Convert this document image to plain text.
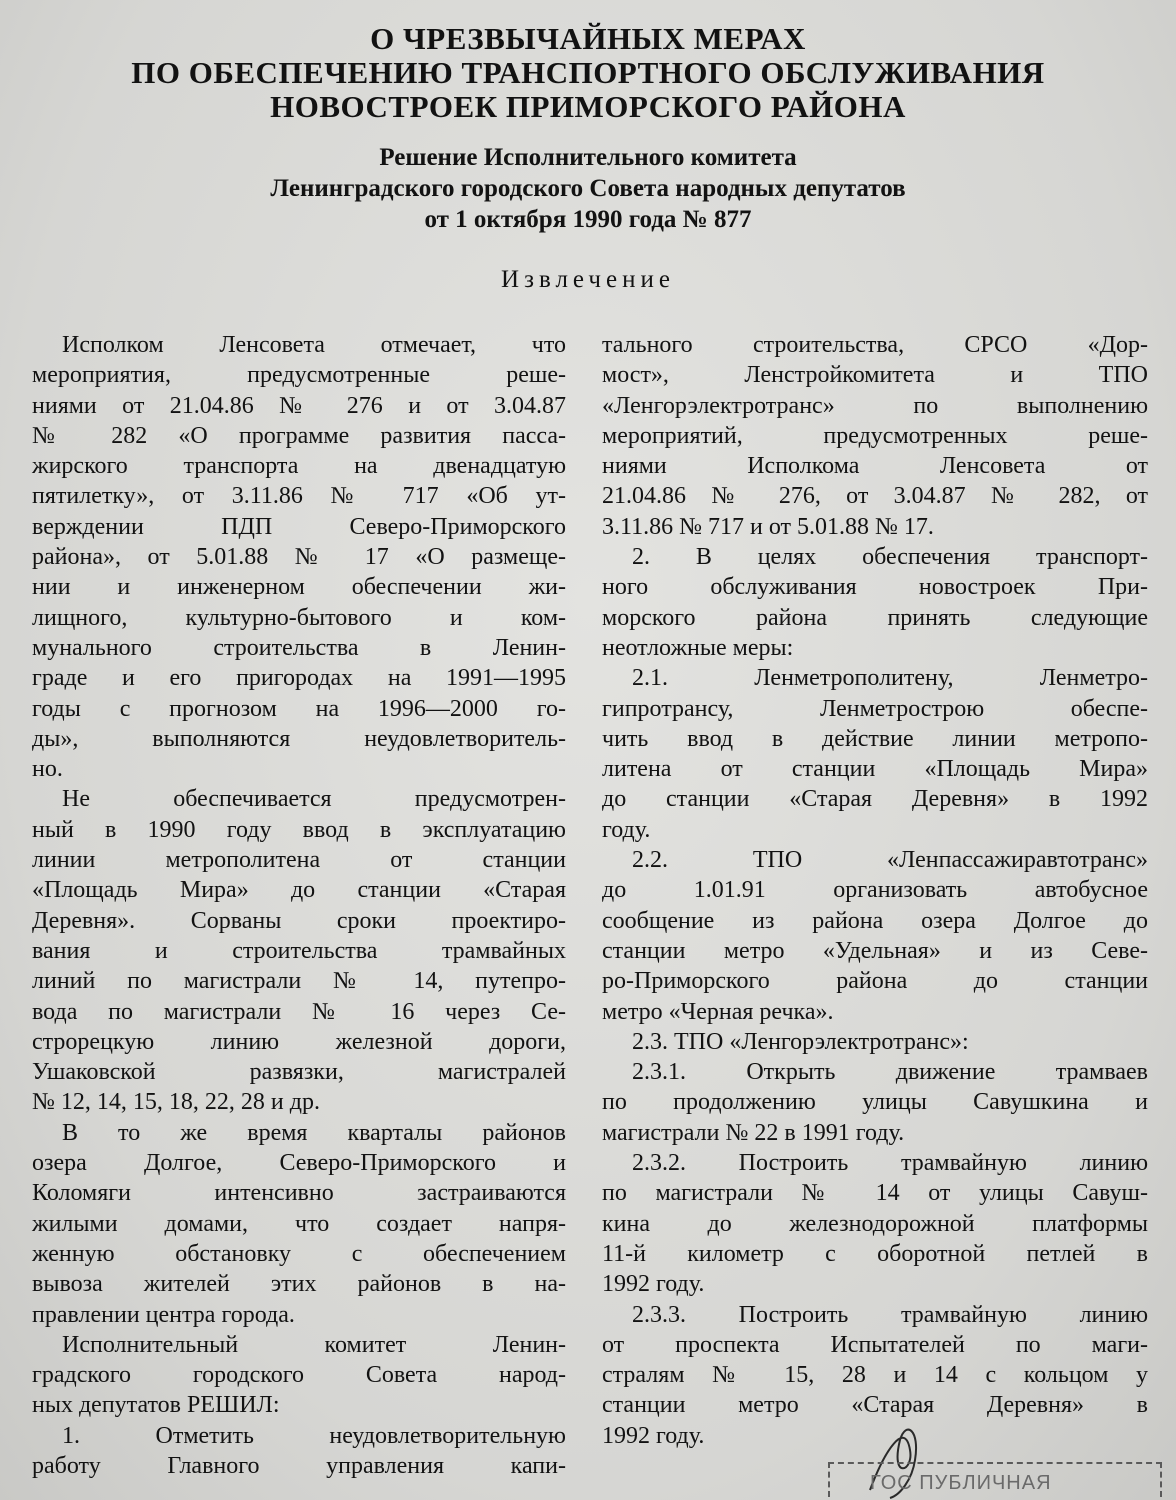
О ЧРЕЗВЫЧАЙНЫХ МЕРАХ
ПО ОБЕСПЕЧЕНИЮ ТРАНСПОРТНОГО ОБСЛУЖИВАНИЯ
НОВОСТРОЕК ПРИМОРСКОГО РАЙОНА
Решение Исполнительного комитета
Ленинградского городского Совета народных депутатов
от 1 октября 1990 года № 877
Извлечение
Исполком Ленсовета отмечает, что
мероприятия, предусмотренные реше-
ниями от 21.04.86 № 276 и от 3.04.87
№ 282 «О программе развития пасса-
жирского транспорта на двенадцатую
пятилетку», от 3.11.86 № 717 «Об ут-
верждении ПДП Северо-Приморского
района», от 5.01.88 № 17 «О размеще-
нии и инженерном обеспечении жи-
лищного, культурно-бытового и ком-
мунального строительства в Ленин-
граде и его пригородах на 1991—1995
годы с прогнозом на 1996—2000 го-
ды», выполняются неудовлетворитель-
но.
Не обеспечивается предусмотрен-
ный в 1990 году ввод в эксплуатацию
линии метрополитена от станции
«Площадь Мира» до станции «Старая
Деревня». Сорваны сроки проектиро-
вания и строительства трамвайных
линий по магистрали № 14, путепро-
вода по магистрали № 16 через Се-
строрецкую линию железной дороги,
Ушаковской развязки, магистралей
№ 12, 14, 15, 18, 22, 28 и др.
В то же время кварталы районов
озера Долгое, Северо-Приморского и
Коломяги интенсивно застраиваются
жилыми домами, что создает напря-
женную обстановку с обеспечением
вывоза жителей этих районов в на-
правлении центра города.
Исполнительный комитет Ленин-
градского городского Совета народ-
ных депутатов РЕШИЛ:
1. Отметить неудовлетворительную
работу Главного управления капи-
тального строительства, СРСО «Дор-
мост», Ленстройкомитета и ТПО
«Ленгорэлектротранс» по выполнению
мероприятий, предусмотренных реше-
ниями Исполкома Ленсовета от
21.04.86 № 276, от 3.04.87 № 282, от
3.11.86 № 717 и от 5.01.88 № 17.
2. В целях обеспечения транспорт-
ного обслуживания новостроек При-
морского района принять следующие
неотложные меры:
2.1. Ленметрополитену, Ленметро-
гипротрансу, Ленметрострою обеспе-
чить ввод в действие линии метропо-
литена от станции «Площадь Мира»
до станции «Старая Деревня» в 1992
году.
2.2. ТПО «Ленпассажиравтотранс»
до 1.01.91 организовать автобусное
сообщение из района озера Долгое до
станции метро «Удельная» и из Севе-
ро-Приморского района до станции
метро «Черная речка».
2.3. ТПО «Ленгорэлектротранс»:
2.3.1. Открыть движение трамваев
по продолжению улицы Савушкина и
магистрали № 22 в 1991 году.
2.3.2. Построить трамвайную линию
по магистрали № 14 от улицы Савуш-
кина до железнодорожной платформы
11-й километр с оборотной петлей в
1992 году.
2.3.3. Построить трамвайную линию
от проспекта Испытателей по маги-
стралям № 15, 28 и 14 с кольцом у
станции метро «Старая Деревня» в
1992 году.
ГОС ПУБЛИЧНАЯ
